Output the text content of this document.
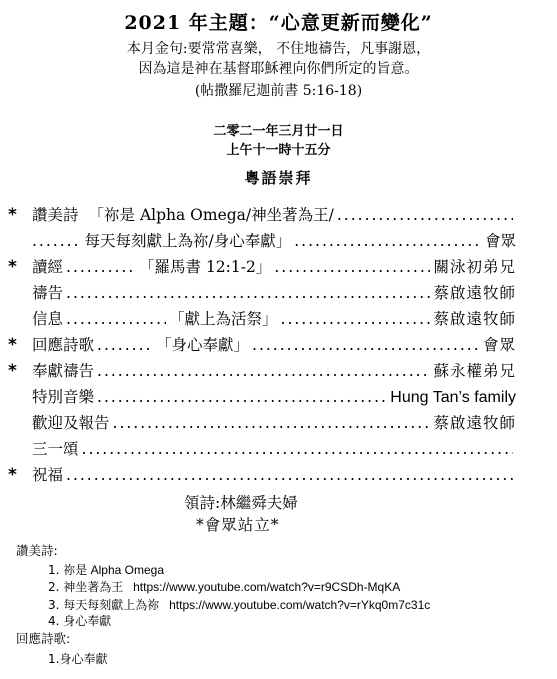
2021 年主題：“心意更新而變化”
本月金句:要常常喜樂， 不住地禱告，凡事謝恩，
因為這是神在基督耶穌裡向你們所定的旨意。
(帖撒羅尼迦前書 5:16-18)
二零二一年三月廿一日
上午十一時十五分
粵語崇拜
* 讚美詩 「祢是 Alpha Omega/神坐著為王/
.....
....... 每天每刻獻上為祢/身心奉獻」 .....	會眾
* 讀經 .....	「羅馬書 12:1-2」 .....	關泳初弟兄
禱告 .....	蔡啟遠牧師
信息 .....	「獻上為活祭」 .....	蔡啟遠牧師
* 回應詩歌 .....	「身心奉獻」 .....	會眾
* 奉獻禱告 .....	蘇永權弟兄
特別音樂 .....	Hung Tan’s family
歡迎及報告 .....	蔡啟遠牧師
三一頌
.....
* 祝福
.....
領詩:林繼舜夫婦
*會眾站立*
讚美詩:
1. 祢是 Alpha Omega
2. 神坐著為王 https://www.youtube.com/watch?v=r9CSDh-MqKA
3. 每天每刻獻上為祢 https://www.youtube.com/watch?v=rYkq0m7c31c
4. 身心奉獻
回應詩歌:
1.身心奉獻
